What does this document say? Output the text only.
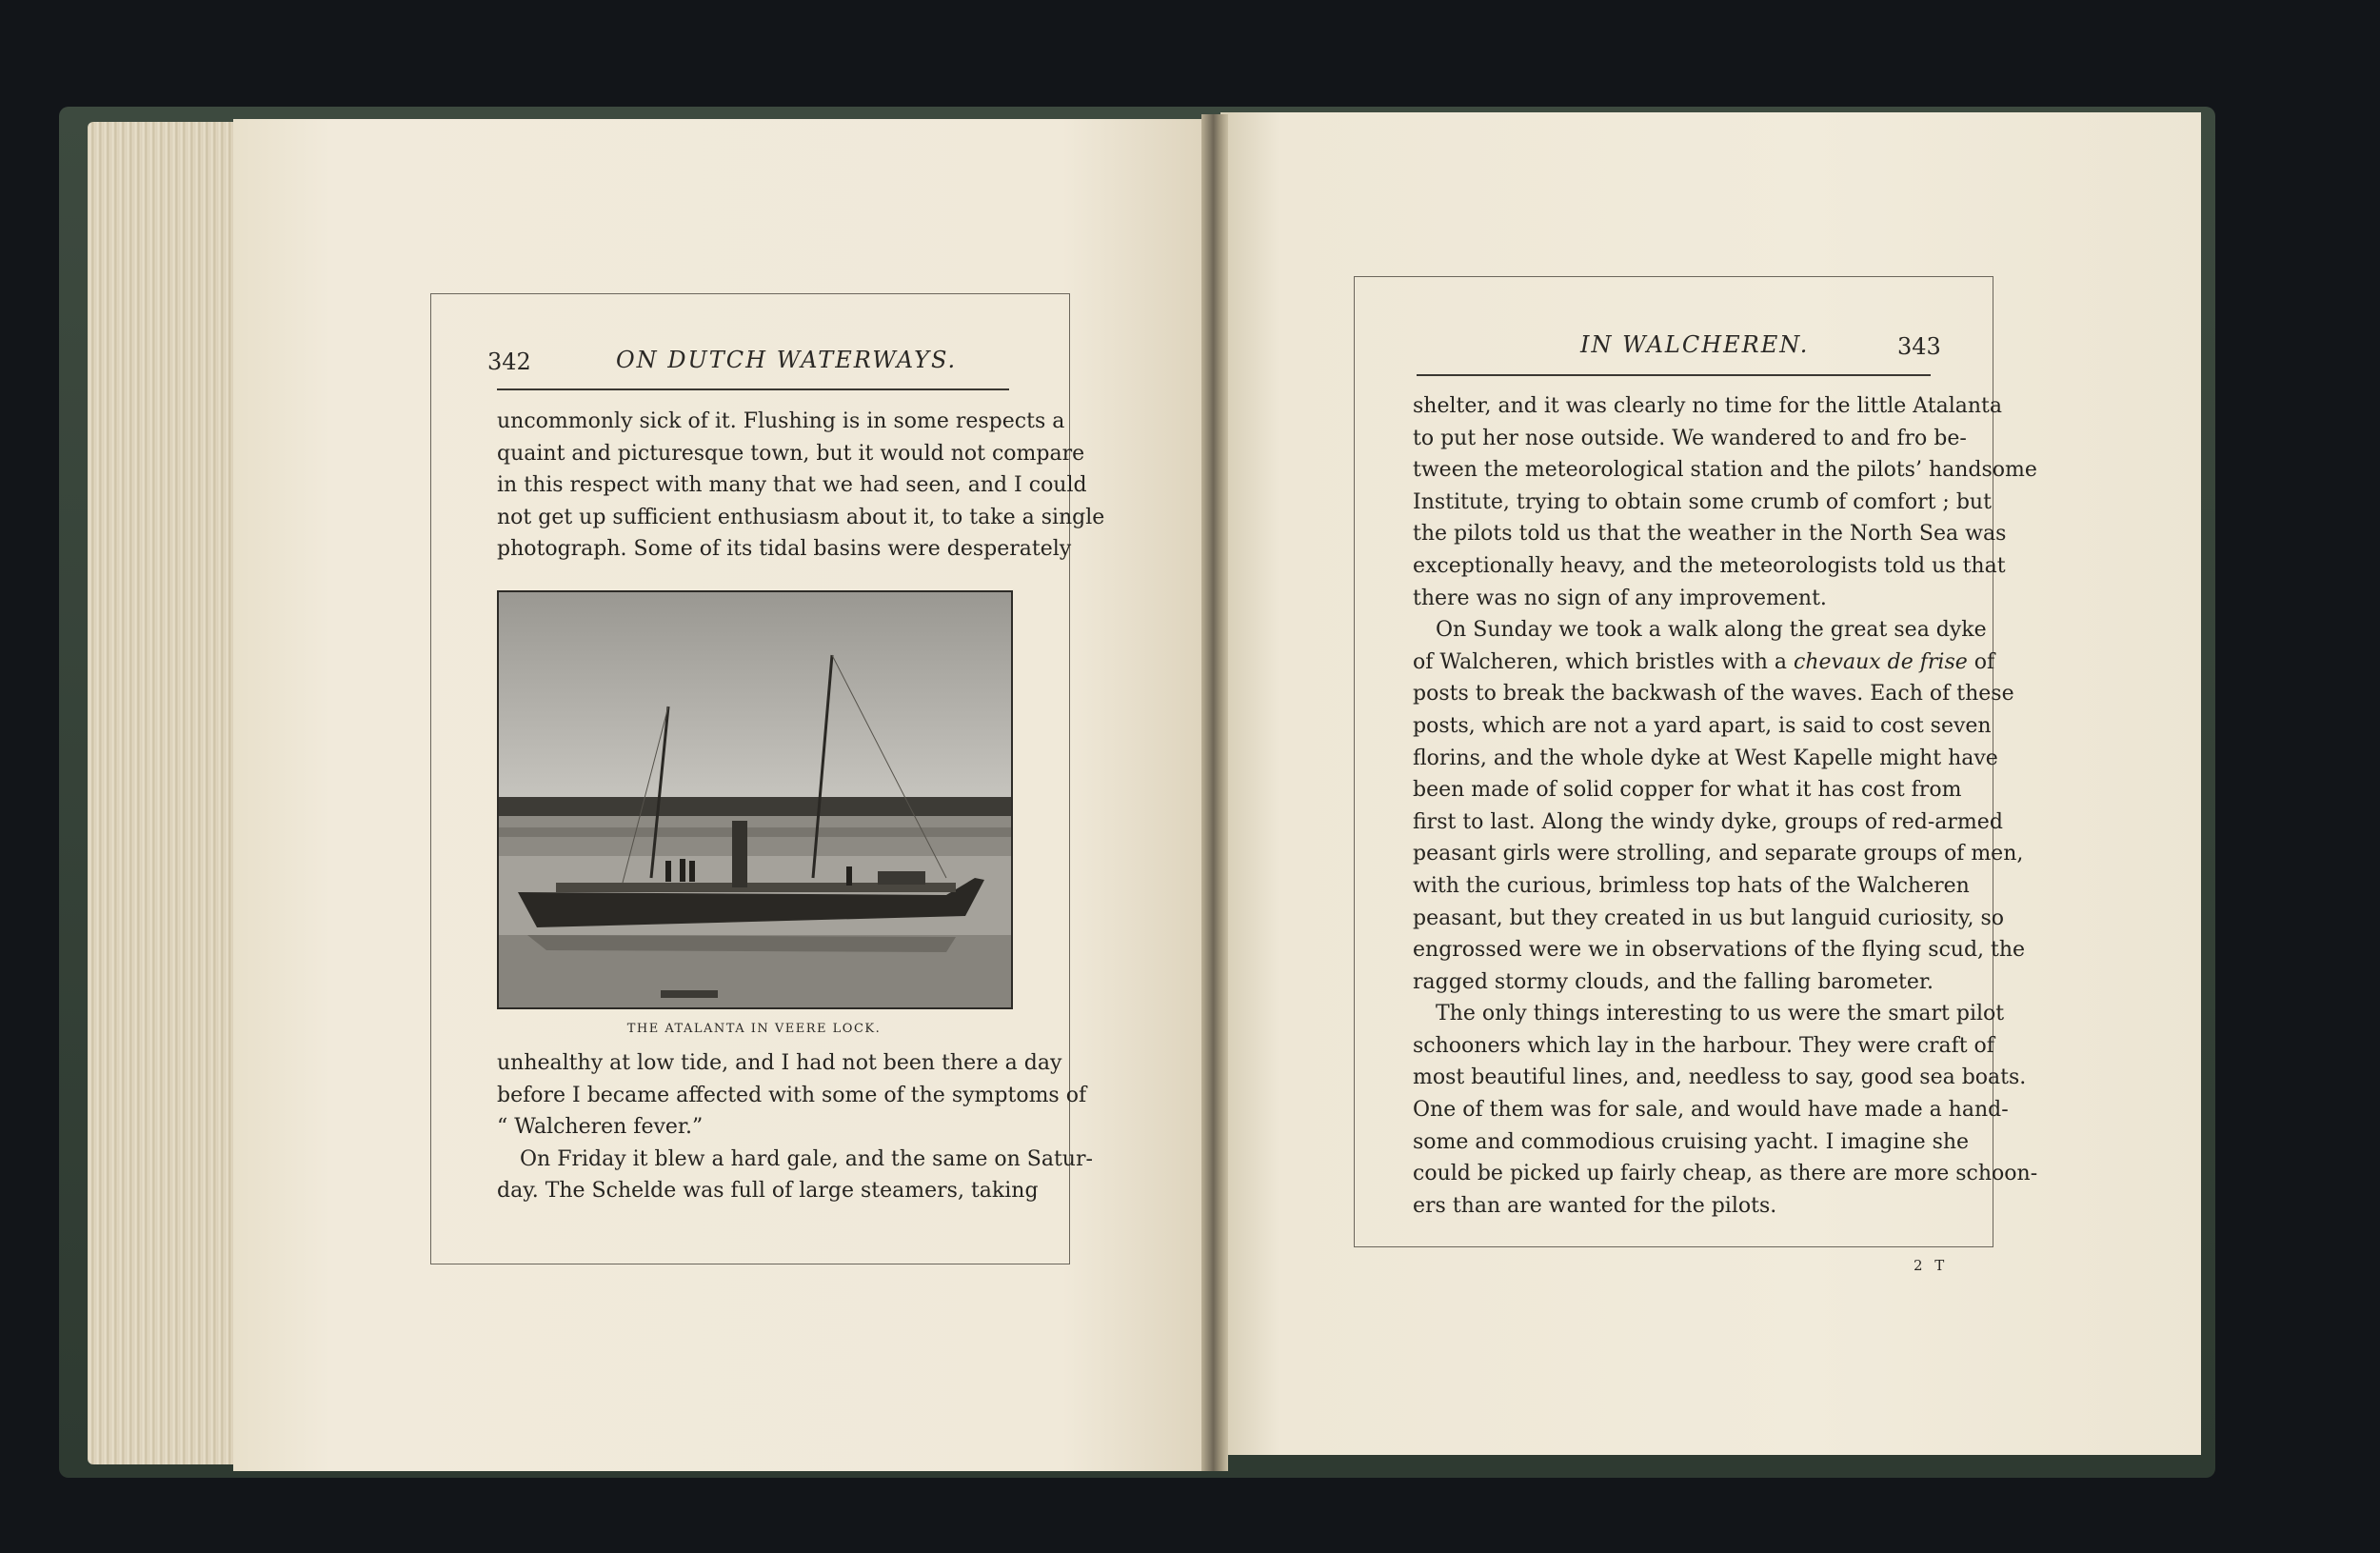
342	ON DUTCH WATERWAYS.
uncommonly sick of it. Flushing is in some respects a
quaint and picturesque town, but it would not compare
in this respect with many that we had seen, and I could
not get up sufficient enthusiasm about it, to take a single
photograph. Some of its tidal basins were desperately
THE ATALANTA IN VEERE LOCK.
unhealthy at low tide, and I had not been there a day
before I became affected with some of the symptoms of
“ Walcheren fever.”
On Friday it blew a hard gale, and the same on Satur-
day. The Schelde was full of large steamers, taking
IN WALCHEREN.	343
shelter, and it was clearly no time for the little Atalanta
to put her nose outside. We wandered to and fro be-
tween the meteorological station and the pilots’ handsome
Institute, trying to obtain some crumb of comfort ; but
the pilots told us that the weather in the North Sea was
exceptionally heavy, and the meteorologists told us that
there was no sign of any improvement.
On Sunday we took a walk along the great sea dyke
of Walcheren, which bristles with a chevaux de frise of
posts to break the backwash of the waves. Each of these
posts, which are not a yard apart, is said to cost seven
florins, and the whole dyke at West Kapelle might have
been made of solid copper for what it has cost from
first to last. Along the windy dyke, groups of red-armed
peasant girls were strolling, and separate groups of men,
with the curious, brimless top hats of the Walcheren
peasant, but they created in us but languid curiosity, so
engrossed were we in observations of the flying scud, the
ragged stormy clouds, and the falling barometer.
The only things interesting to us were the smart pilot
schooners which lay in the harbour. They were craft of
most beautiful lines, and, needless to say, good sea boats.
One of them was for sale, and would have made a hand-
some and commodious cruising yacht. I imagine she
could be picked up fairly cheap, as there are more schoon-
ers than are wanted for the pilots.
2 T
